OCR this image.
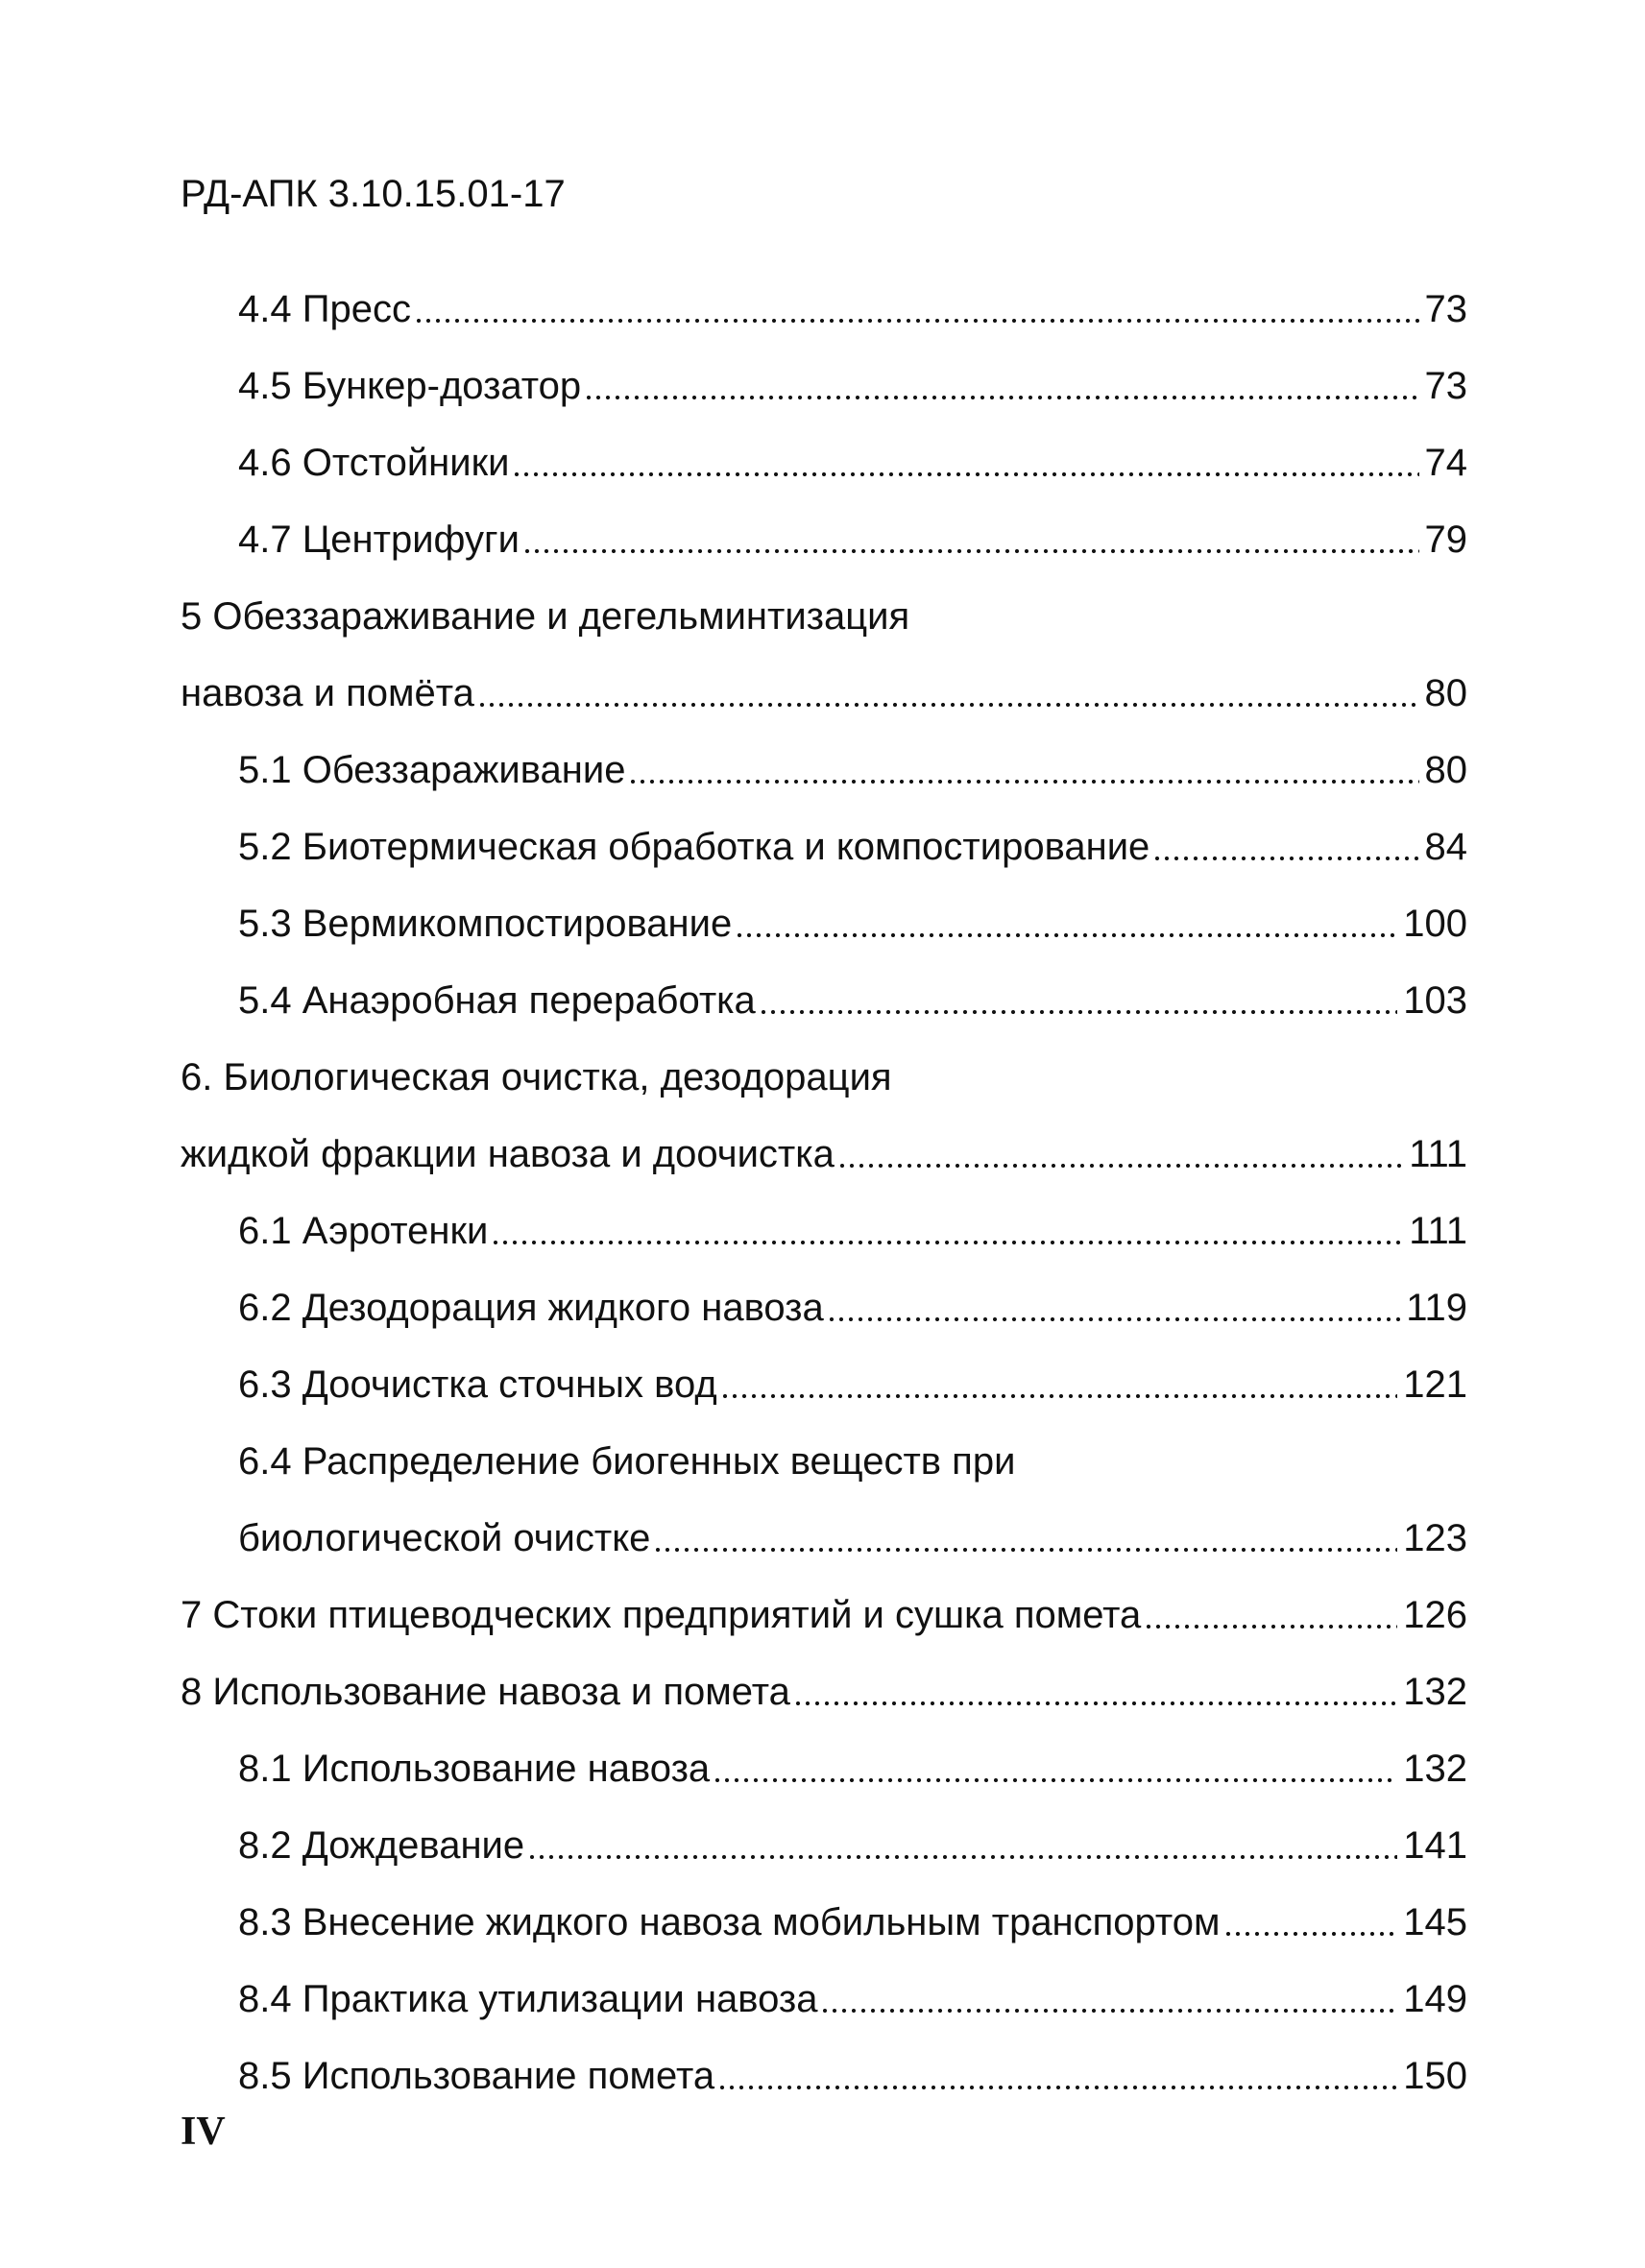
РД-АПК 3.10.15.01-17
4.4 Пресс	73
4.5 Бункер-дозатор	73
4.6 Отстойники	74
4.7 Центрифуги	79
5 Обеззараживание и дегельминтизация
навоза и помёта	80
5.1 Обеззараживание	80
5.2 Биотермическая обработка и компостирование	84
5.3 Вермикомпостирование	100
5.4 Анаэробная переработка	103
6. Биологическая очистка, дезодорация
жидкой фракции навоза и доочистка	111
6.1 Аэротенки	111
6.2 Дезодорация жидкого навоза	119
6.3 Доочистка сточных вод	121
6.4 Распределение биогенных веществ при
биологической очистке	123
7 Стоки птицеводческих предприятий и сушка помета	126
8 Использование навоза и помета	132
8.1 Использование навоза	132
8.2 Дождевание	141
8.3 Внесение жидкого навоза мобильным транспортом	145
8.4 Практика утилизации навоза	149
8.5 Использование помета	150
IV
